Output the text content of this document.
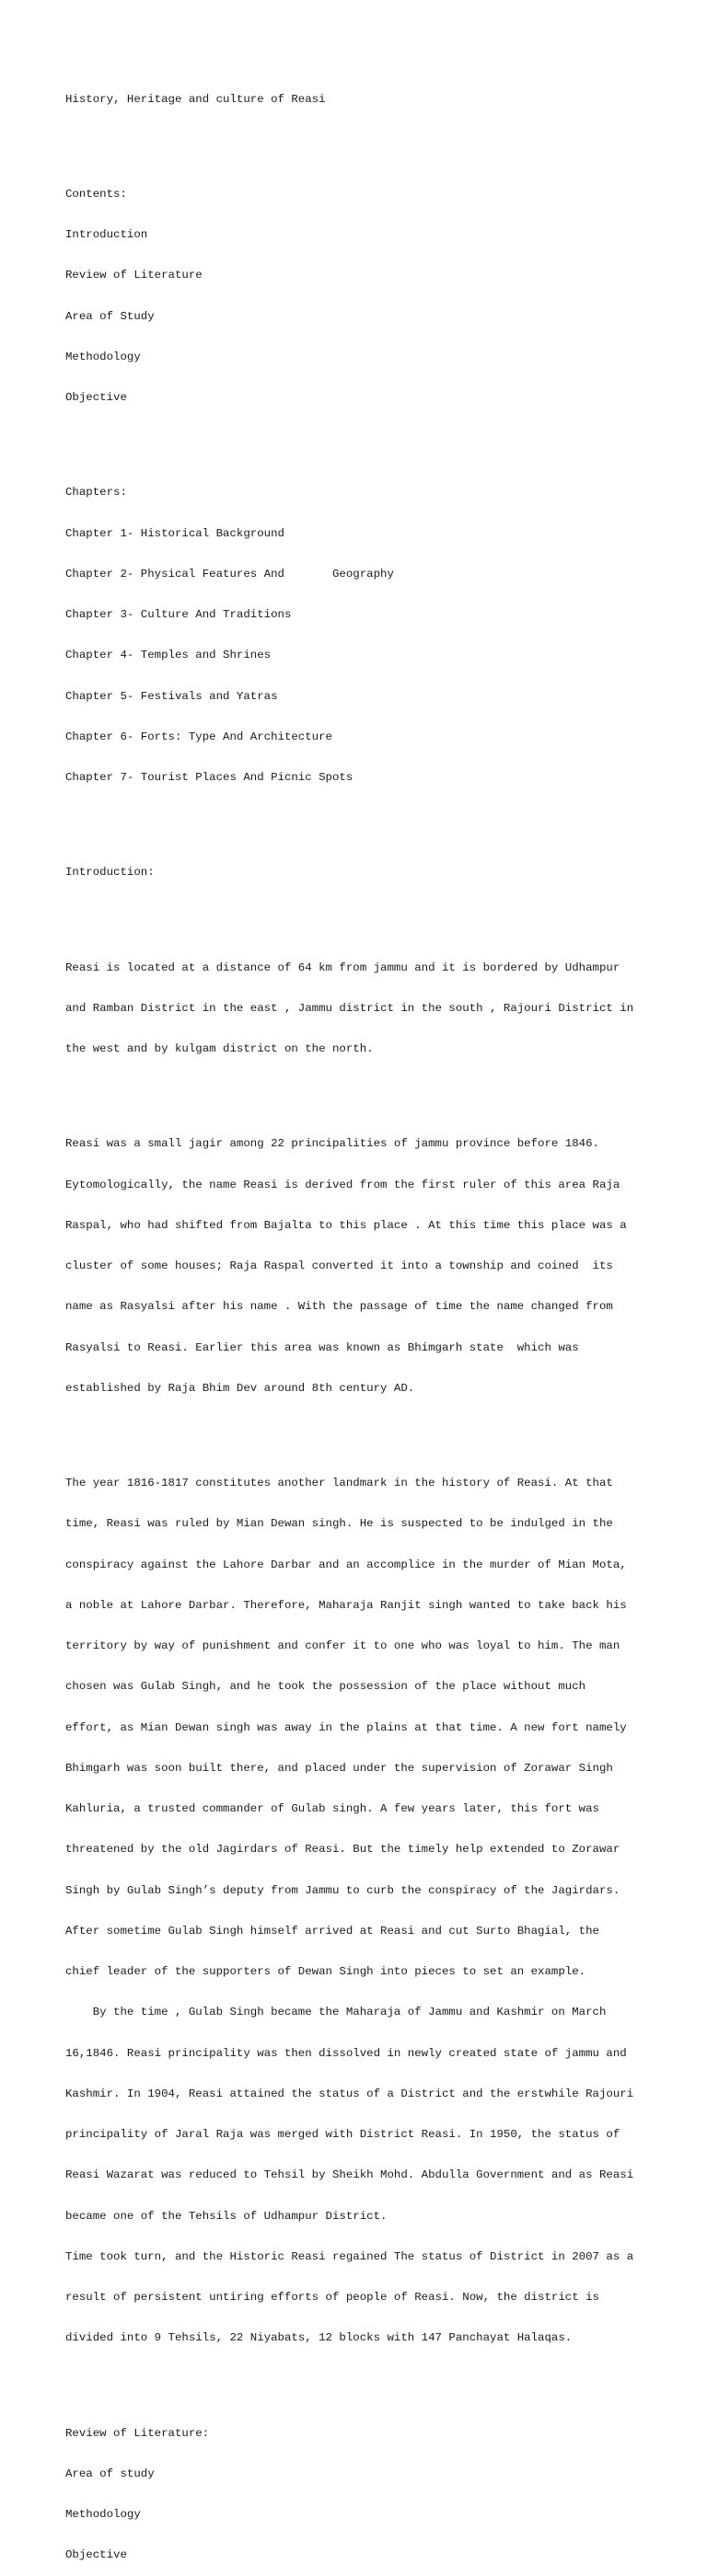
History, Heritage and culture of Reasi

Contents:

Introduction

Review of Literature

Area of Study

Methodology

Objective

Chapters:

Chapter 1- Historical Background

Chapter 2- Physical Features And       Geography

Chapter 3- Culture And Traditions

Chapter 4- Temples and Shrines

Chapter 5- Festivals and Yatras

Chapter 6- Forts: Type And Architecture

Chapter 7- Tourist Places And Picnic Spots

Introduction:

Reasi is located at a distance of 64 km from jammu and it is bordered by Udhampur

and Ramban District in the east , Jammu district in the south , Rajouri District in

the west and by kulgam district on the north.

Reasi was a small jagir among 22 principalities of jammu province before 1846.

Eytomologically, the name Reasi is derived from the first ruler of this area Raja

Raspal, who had shifted from Bajalta to this place . At this time this place was a

cluster of some houses; Raja Raspal converted it into a township and coined  its

name as Rasyalsi after his name . With the passage of time the name changed from

Rasyalsi to Reasi. Earlier this area was known as Bhimgarh state  which was

established by Raja Bhim Dev around 8th century AD.

The year 1816-1817 constitutes another landmark in the history of Reasi. At that

time, Reasi was ruled by Mian Dewan singh. He is suspected to be indulged in the

conspiracy against the Lahore Darbar and an accomplice in the murder of Mian Mota,

a noble at Lahore Darbar. Therefore, Maharaja Ranjit singh wanted to take back his

territory by way of punishment and confer it to one who was loyal to him. The man

chosen was Gulab Singh, and he took the possession of the place without much

effort, as Mian Dewan singh was away in the plains at that time. A new fort namely

Bhimgarh was soon built there, and placed under the supervision of Zorawar Singh

Kahluria, a trusted commander of Gulab singh. A few years later, this fort was

threatened by the old Jagirdars of Reasi. But the timely help extended to Zorawar

Singh by Gulab Singh’s deputy from Jammu to curb the conspiracy of the Jagirdars.

After sometime Gulab Singh himself arrived at Reasi and cut Surto Bhagial, the

chief leader of the supporters of Dewan Singh into pieces to set an example.

By the time , Gulab Singh became the Maharaja of Jammu and Kashmir on March

16,1846. Reasi principality was then dissolved in newly created state of jammu and

Kashmir. In 1904, Reasi attained the status of a District and the erstwhile Rajouri

principality of Jaral Raja was merged with District Reasi. In 1950, the status of

Reasi Wazarat was reduced to Tehsil by Sheikh Mohd. Abdulla Government and as Reasi

became one of the Tehsils of Udhampur District.

Time took turn, and the Historic Reasi regained The status of District in 2007 as a

result of persistent untiring efforts of people of Reasi. Now, the district is

divided into 9 Tehsils, 22 Niyabats, 12 blocks with 147 Panchayat Halaqas.

Review of Literature:

Area of study

Methodology

Objective
